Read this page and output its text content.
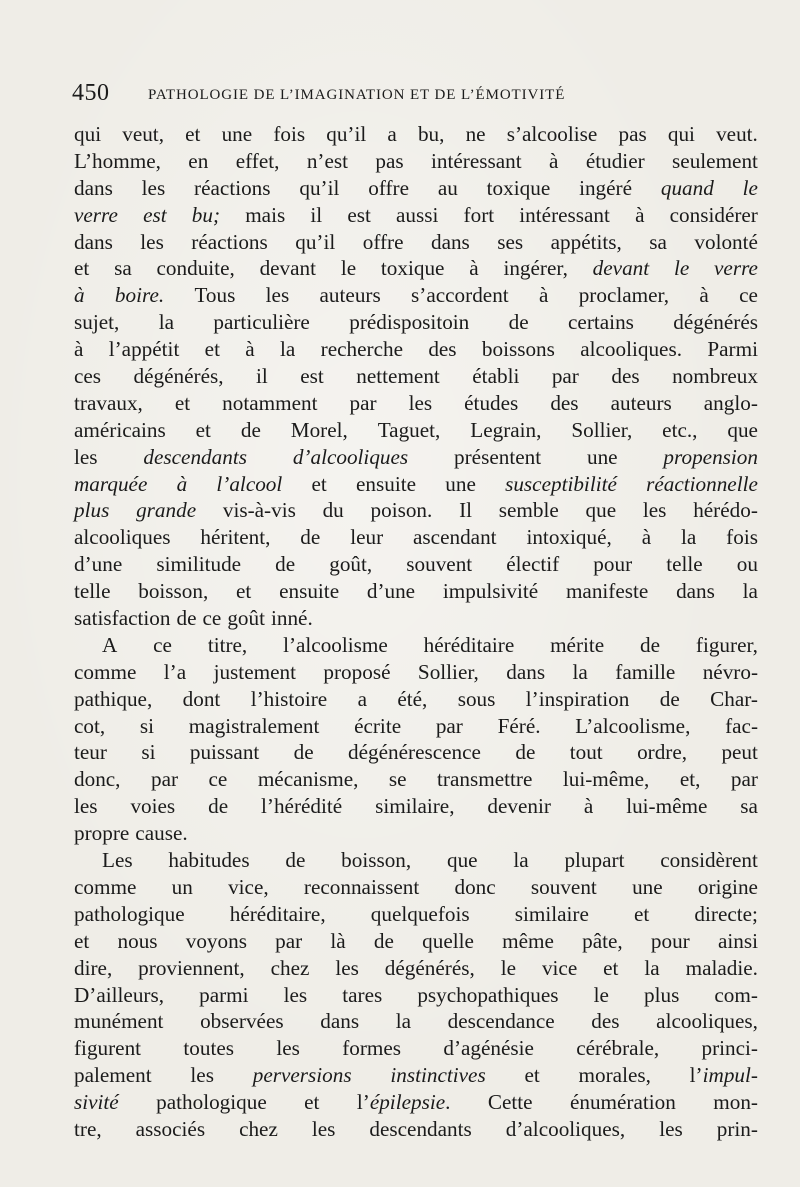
450	PATHOLOGIE DE L’IMAGINATION ET DE L’ÉMOTIVITÉ
qui veut, et une fois qu’il a bu, ne s’alcoolise pas qui veut.
L’homme, en effet, n’est pas intéressant à étudier seulement
dans les réactions qu’il offre au toxique ingéré quand le
verre est bu; mais il est aussi fort intéressant à considérer
dans les réactions qu’il offre dans ses appétits, sa volonté
et sa conduite, devant le toxique à ingérer, devant le verre
à boire. Tous les auteurs s’accordent à proclamer, à ce
sujet, la particulière prédispositoin de certains dégénérés
à l’appétit et à la recherche des boissons alcooliques. Parmi
ces dégénérés, il est nettement établi par des nombreux
travaux, et notamment par les études des auteurs anglo-
américains et de Morel, Taguet, Legrain, Sollier, etc., que
les descendants d’alcooliques présentent une propension
marquée à l’alcool et ensuite une susceptibilité réactionnelle
plus grande vis-à-vis du poison. Il semble que les hérédo-
alcooliques héritent, de leur ascendant intoxiqué, à la fois
d’une similitude de goût, souvent électif pour telle ou
telle boisson, et ensuite d’une impulsivité manifeste dans la
satisfaction de ce goût inné.
A ce titre, l’alcoolisme héréditaire mérite de figurer,
comme l’a justement proposé Sollier, dans la famille névro-
pathique, dont l’histoire a été, sous l’inspiration de Char-
cot, si magistralement écrite par Féré. L’alcoolisme, fac-
teur si puissant de dégénérescence de tout ordre, peut
donc, par ce mécanisme, se transmettre lui-même, et, par
les voies de l’hérédité similaire, devenir à lui-même sa
propre cause.
Les habitudes de boisson, que la plupart considèrent
comme un vice, reconnaissent donc souvent une origine
pathologique héréditaire, quelquefois similaire et directe;
et nous voyons par là de quelle même pâte, pour ainsi
dire, proviennent, chez les dégénérés, le vice et la maladie.
D’ailleurs, parmi les tares psychopathiques le plus com-
munément observées dans la descendance des alcooliques,
figurent toutes les formes d’agénésie cérébrale, princi-
palement les perversions instinctives et morales, l’impul-
sivité pathologique et l’épilepsie. Cette énumération mon-
tre, associés chez les descendants d’alcooliques, les prin-
